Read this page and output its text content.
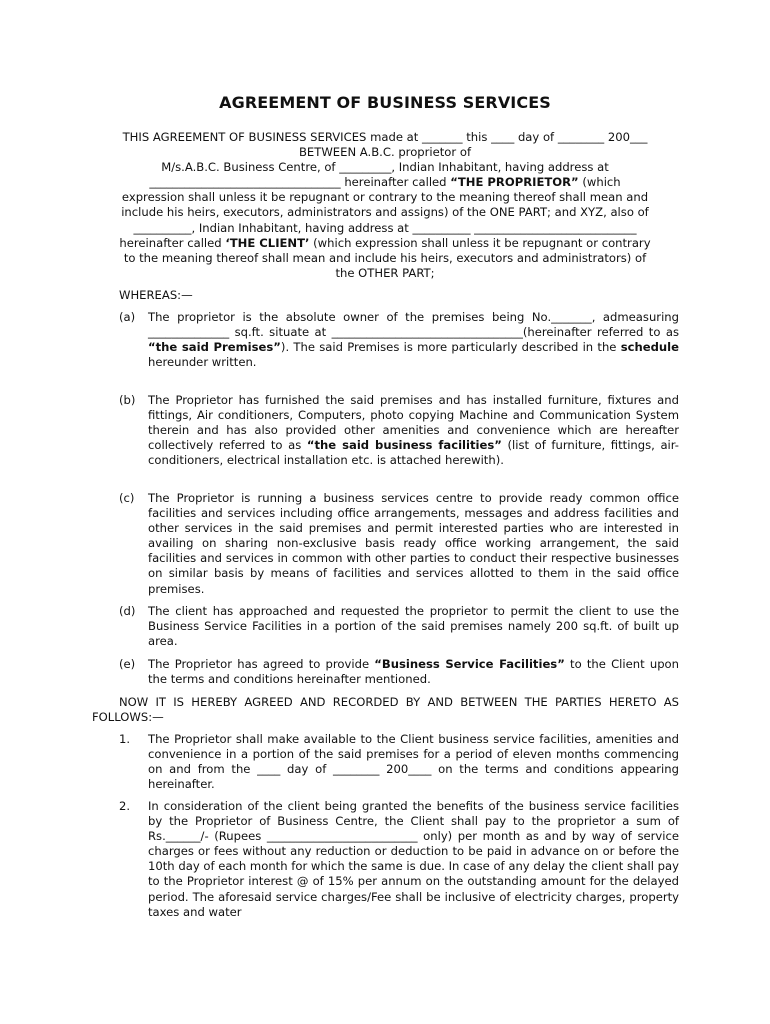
AGREEMENT OF BUSINESS SERVICES

THIS AGREEMENT OF BUSINESS SERVICES made at _______ this ____ day of ________ 200___

BETWEEN A.B.C. proprietor of

M/s.A.B.C. Business Centre, of _________, Indian Inhabitant, having address at

_________________________________ hereinafter called “THE PROPRIETOR” (which

expression shall unless it be repugnant or contrary to the meaning thereof shall mean and

include his heirs, executors, administrators and assigns) of the ONE PART; and XYZ, also of

__________, Indian Inhabitant, having address at __________ ____________________________

hereinafter called ‘THE CLIENT’ (which expression shall unless it be repugnant or contrary

to the meaning thereof shall mean and include his heirs, executors and administrators) of

the OTHER PART;

WHEREAS:—
(a) The proprietor is the absolute owner of the premises being No._______, admeasuring ______________ sq.ft. situate at _________________________________(hereinafter referred to as “the said Premises”). The said Premises is more particularly described in the schedule hereunder written.
(b) The Proprietor has furnished the said premises and has installed furniture, fixtures and fittings, Air conditioners, Computers, photo copying Machine and Communication System therein and has also provided other amenities and convenience which are hereafter collectively referred to as “the said business facilities” (list of furniture, fittings, air-conditioners, electrical installation etc. is attached herewith).
(c) The Proprietor is running a business services centre to provide ready common office facilities and services including office arrangements, messages and address facilities and other services in the said premises and permit interested parties who are interested in availing on sharing non-exclusive basis ready office working arrangement, the said facilities and services in common with other parties to conduct their respective businesses on similar basis by means of facilities and services allotted to them in the said office premises.
(d) The client has approached and requested the proprietor to permit the client to use the Business Service Facilities in a portion of the said premises namely 200 sq.ft. of built up area.
(e) The Proprietor has agreed to provide “Business Service Facilities” to the Client upon the terms and conditions hereinafter mentioned.
NOW IT IS HEREBY AGREED AND RECORDED BY AND BETWEEN THE PARTIES HERETO AS FOLLOWS:—
1. The Proprietor shall make available to the Client business service facilities, amenities and convenience in a portion of the said premises for a period of eleven months commencing on and from the ____ day of ________ 200____ on the terms and conditions appearing hereinafter.
2. In consideration of the client being granted the benefits of the business service facilities by the Proprietor of Business Centre, the Client shall pay to the proprietor a sum of Rs.______/- (Rupees __________________________ only) per month as and by way of service charges or fees without any reduction or deduction to be paid in advance on or before the 10th day of each month for which the same is due. In case of any delay the client shall pay to the Proprietor interest @ of 15% per annum on the outstanding amount for the delayed period. The aforesaid service charges/Fee shall be inclusive of electricity charges, property taxes and water
